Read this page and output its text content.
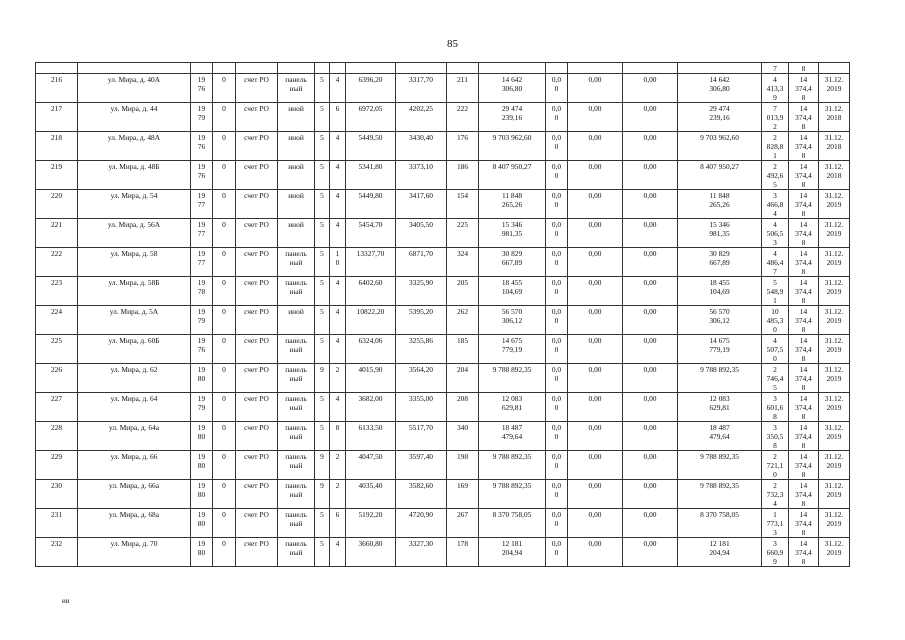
85
																7	8	
216	ул. Мира, д. 40А	19
76	0	счет РО	панель
ный	5	4	6396,20	3317,70	211	14 642
306,80	0,0
0	0,00	0,00	14 642
306,80	4
413,3
9	14
374,4
8	31.12.
2019
217	ул. Мира, д. 44	19
79	0	счет РО	иной	5	6	6972,05	4202,25	222	29 474
239,16	0,0
0	0,00	0,00	29 474
239,16	7
013,9
2	14
374,4
8	31.12.
2018
218	ул. Мира, д. 48А	19
76	0	счет РО	иной	5	4	5449,50	3430,40	176	9 703 962,60	0,0
0	0,00	0,00	9 703 962,60	2
828,8
1	14
374,4
8	31.12.
2018
219	ул. Мира, д. 48Б	19
76	0	счет РО	иной	5	4	5341,80	3373,10	186	8 407 950,27	0,0
0	0,00	0,00	8 407 950,27	2
492,6
5	14
374,4
8	31.12.
2018
220	ул. Мира, д. 54	19
77	0	счет РО	иной	5	4	5449,80	3417,60	154	11 848
265,26	0,0
0	0,00	0,00	11 848
265,26	3
466,8
4	14
374,4
8	31.12.
2019
221	ул. Мира, д. 56А	19
77	0	счет РО	иной	5	4	5454,70	3405,50	225	15 346
981,35	0,0
0	0,00	0,00	15 346
981,35	4
506,5
3	14
374,4
8	31.12.
2019
222	ул. Мира, д. 58	19
77	0	счет РО	панель
ный	5	1
0	13327,70	6871,70	324	30 829
667,89	0,0
0	0,00	0,00	30 829
667,89	4
486,4
7	14
374,4
8	31.12.
2019
223	ул. Мира, д. 58Б	19
78	0	счет РО	панель
ный	5	4	6402,60	3325,90	205	18 455
104,69	0,0
0	0,00	0,00	18 455
104,69	5
548,9
1	14
374,4
8	31.12.
2019
224	ул. Мира, д. 5А	19
79	0	счет РО	иной	5	4	10822,20	5395,20	262	56 570
306,12	0,0
0	0,00	0,00	56 570
306,12	10
485,3
0	14
374,4
8	31.12.
2019
225	ул. Мира, д. 60Б	19
76	0	счет РО	панель
ный	5	4	6324,06	3255,86	185	14 675
779,19	0,0
0	0,00	0,00	14 675
779,19	4
507,5
0	14
374,4
8	31.12.
2019
226	ул. Мира, д. 62	19
80	0	счет РО	панель
ный	9	2	4015,90	3564,20	204	9 788 892,35	0,0
0	0,00	0,00	9 788 892,35	2
746,4
5	14
374,4
8	31.12.
2019
227	ул. Мира, д. 64	19
79	0	счет РО	панель
ный	5	4	3682,00	3355,00	208	12 083
629,81	0,0
0	0,00	0,00	12 083
629,81	3
601,6
8	14
374,4
8	31.12.
2019
228	ул. Мира, д. 64а	19
80	0	счет РО	панель
ный	5	8	6133,50	5517,70	340	18 487
479,64	0,0
0	0,00	0,00	18 487
479,64	3
350,5
8	14
374,4
8	31.12.
2019
229	ул. Мира, д. 66	19
80	0	счет РО	панель
ный	9	2	4047,50	3597,40	198	9 788 892,35	0,0
0	0,00	0,00	9 788 892,35	2
721,1
0	14
374,4
8	31.12.
2019
230	ул. Мира, д. 66а	19
80	0	счет РО	панель
ный	9	2	4035,40	3582,60	169	9 788 892,35	0,0
0	0,00	0,00	9 788 892,35	2
732,3
4	14
374,4
8	31.12.
2019
231	ул. Мира, д. 68а	19
80	0	счет РО	панель
ный	5	6	5192,20	4720,90	267	8 370 758,05	0,0
0	0,00	0,00	8 370 758,05	1
773,1
3	14
374,4
8	31.12.
2019
232	ул. Мира, д. 70	19
80	0	счет РО	панель
ный	5	4	3660,80	3327,30	178	12 181
204,94	0,0
0	0,00	0,00	12 181
204,94	3
660,9
9	14
374,4
8	31.12.
2019
ии
